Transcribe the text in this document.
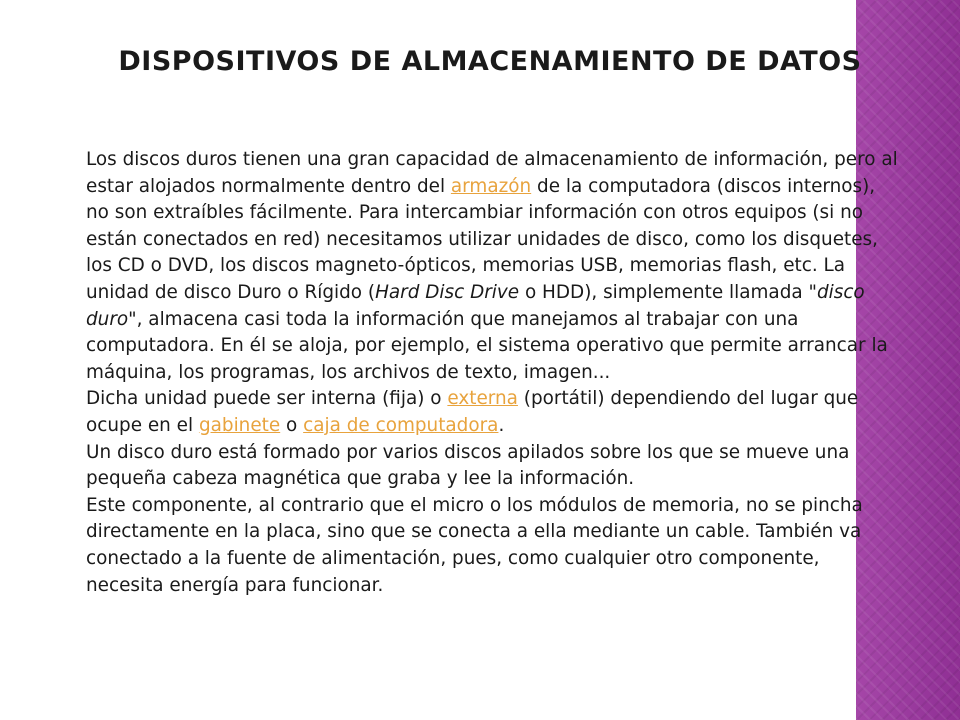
DISPOSITIVOS DE ALMACENAMIENTO DE DATOS

Los discos duros tienen una gran capacidad de almacenamiento de información, pero al estar alojados normalmente dentro del armazón de la computadora (discos internos), no son extraíbles fácilmente. Para intercambiar información con otros equipos (si no están conectados en red) necesitamos utilizar unidades de disco, como los disquetes, los CD o DVD, los discos magneto-ópticos, memorias USB, memorias flash, etc. La unidad de disco Duro o Rígido (Hard Disc Drive o HDD), simplemente llamada "disco duro", almacena casi toda la información que manejamos al trabajar con una computadora. En él se aloja, por ejemplo, el sistema operativo que permite arrancar la máquina, los programas, los archivos de texto, imagen...

Dicha unidad puede ser interna (fija) o externa (portátil) dependiendo del lugar que ocupe en el gabinete o caja de computadora.

Un disco duro está formado por varios discos apilados sobre los que se mueve una pequeña cabeza magnética que graba y lee la información.

Este componente, al contrario que el micro o los módulos de memoria, no se pincha directamente en la placa, sino que se conecta a ella mediante un cable. También va conectado a la fuente de alimentación, pues, como cualquier otro componente, necesita energía para funcionar.
